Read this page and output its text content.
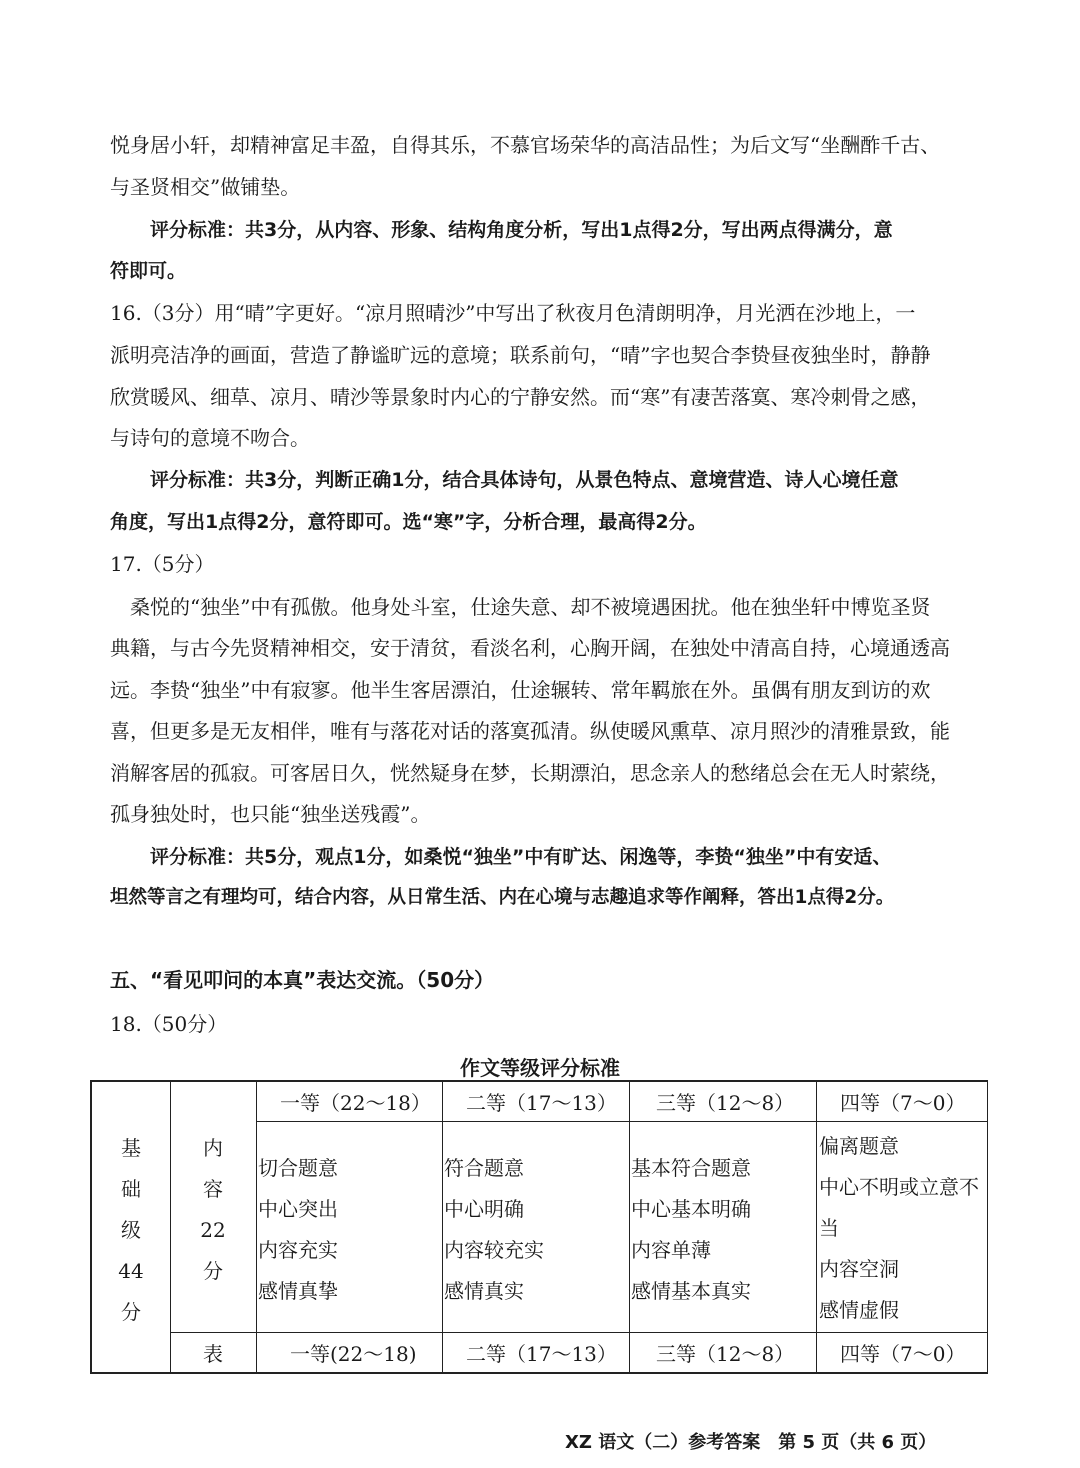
悦身居小轩，却精神富足丰盈，自得其乐，不慕官场荣华的高洁品性；为后文写“坐酬酢千古、
与圣贤相交”做铺垫。
评分标准：共3分，从内容、形象、结构角度分析，写出1点得2分，写出两点得满分，意
符即可。
16.（3分）用“晴”字更好。“凉月照晴沙”中写出了秋夜月色清朗明净，月光洒在沙地上，一
派明亮洁净的画面，营造了静谧旷远的意境；联系前句，“晴”字也契合李贽昼夜独坐时，静静
欣赏暖风、细草、凉月、晴沙等景象时内心的宁静安然。而“寒”有凄苦落寞、寒冷刺骨之感，
与诗句的意境不吻合。
评分标准：共3分，判断正确1分，结合具体诗句，从景色特点、意境营造、诗人心境任意
角度，写出1点得2分，意符即可。选“寒”字，分析合理，最高得2分。
17.（5分）
桑悦的“独坐”中有孤傲。他身处斗室，仕途失意、却不被境遇困扰。他在独坐轩中博览圣贤
典籍，与古今先贤精神相交，安于清贫，看淡名利，心胸开阔，在独处中清高自持，心境通透高
远。李贽“独坐”中有寂寥。他半生客居漂泊，仕途辗转、常年羁旅在外。虽偶有朋友到访的欢
喜，但更多是无友相伴，唯有与落花对话的落寞孤清。纵使暖风熏草、凉月照沙的清雅景致，能
消解客居的孤寂。可客居日久，恍然疑身在梦，长期漂泊，思念亲人的愁绪总会在无人时萦绕，
孤身独处时，也只能“独坐送残霞”。
评分标准：共5分，观点1分，如桑悦“独坐”中有旷达、闲逸等，李贽“独坐”中有安适、
坦然等言之有理均可，结合内容，从日常生活、内在心境与志趣追求等作阐释，答出1点得2分。
五、“看见叩问的本真”表达交流。（50分）
18.（50分）
作文等级评分标准
基
础
级
44
分
内
容
22
分
一等（22～18） 二等（17～13） 三等（12～8） 四等（7～0）
切合题意
中心突出
内容充实
感情真挚
符合题意
中心明确
内容较充实
感情真实
基本符合题意
中心基本明确
内容单薄
感情基本真实
偏离题意
中心不明或立意不
当
内容空洞
感情虚假
表	一等(22～18) 二等（17～13） 三等（12～8） 四等（7～0）
XZ 语文（二）参考答案　第 5 页（共 6 页）
